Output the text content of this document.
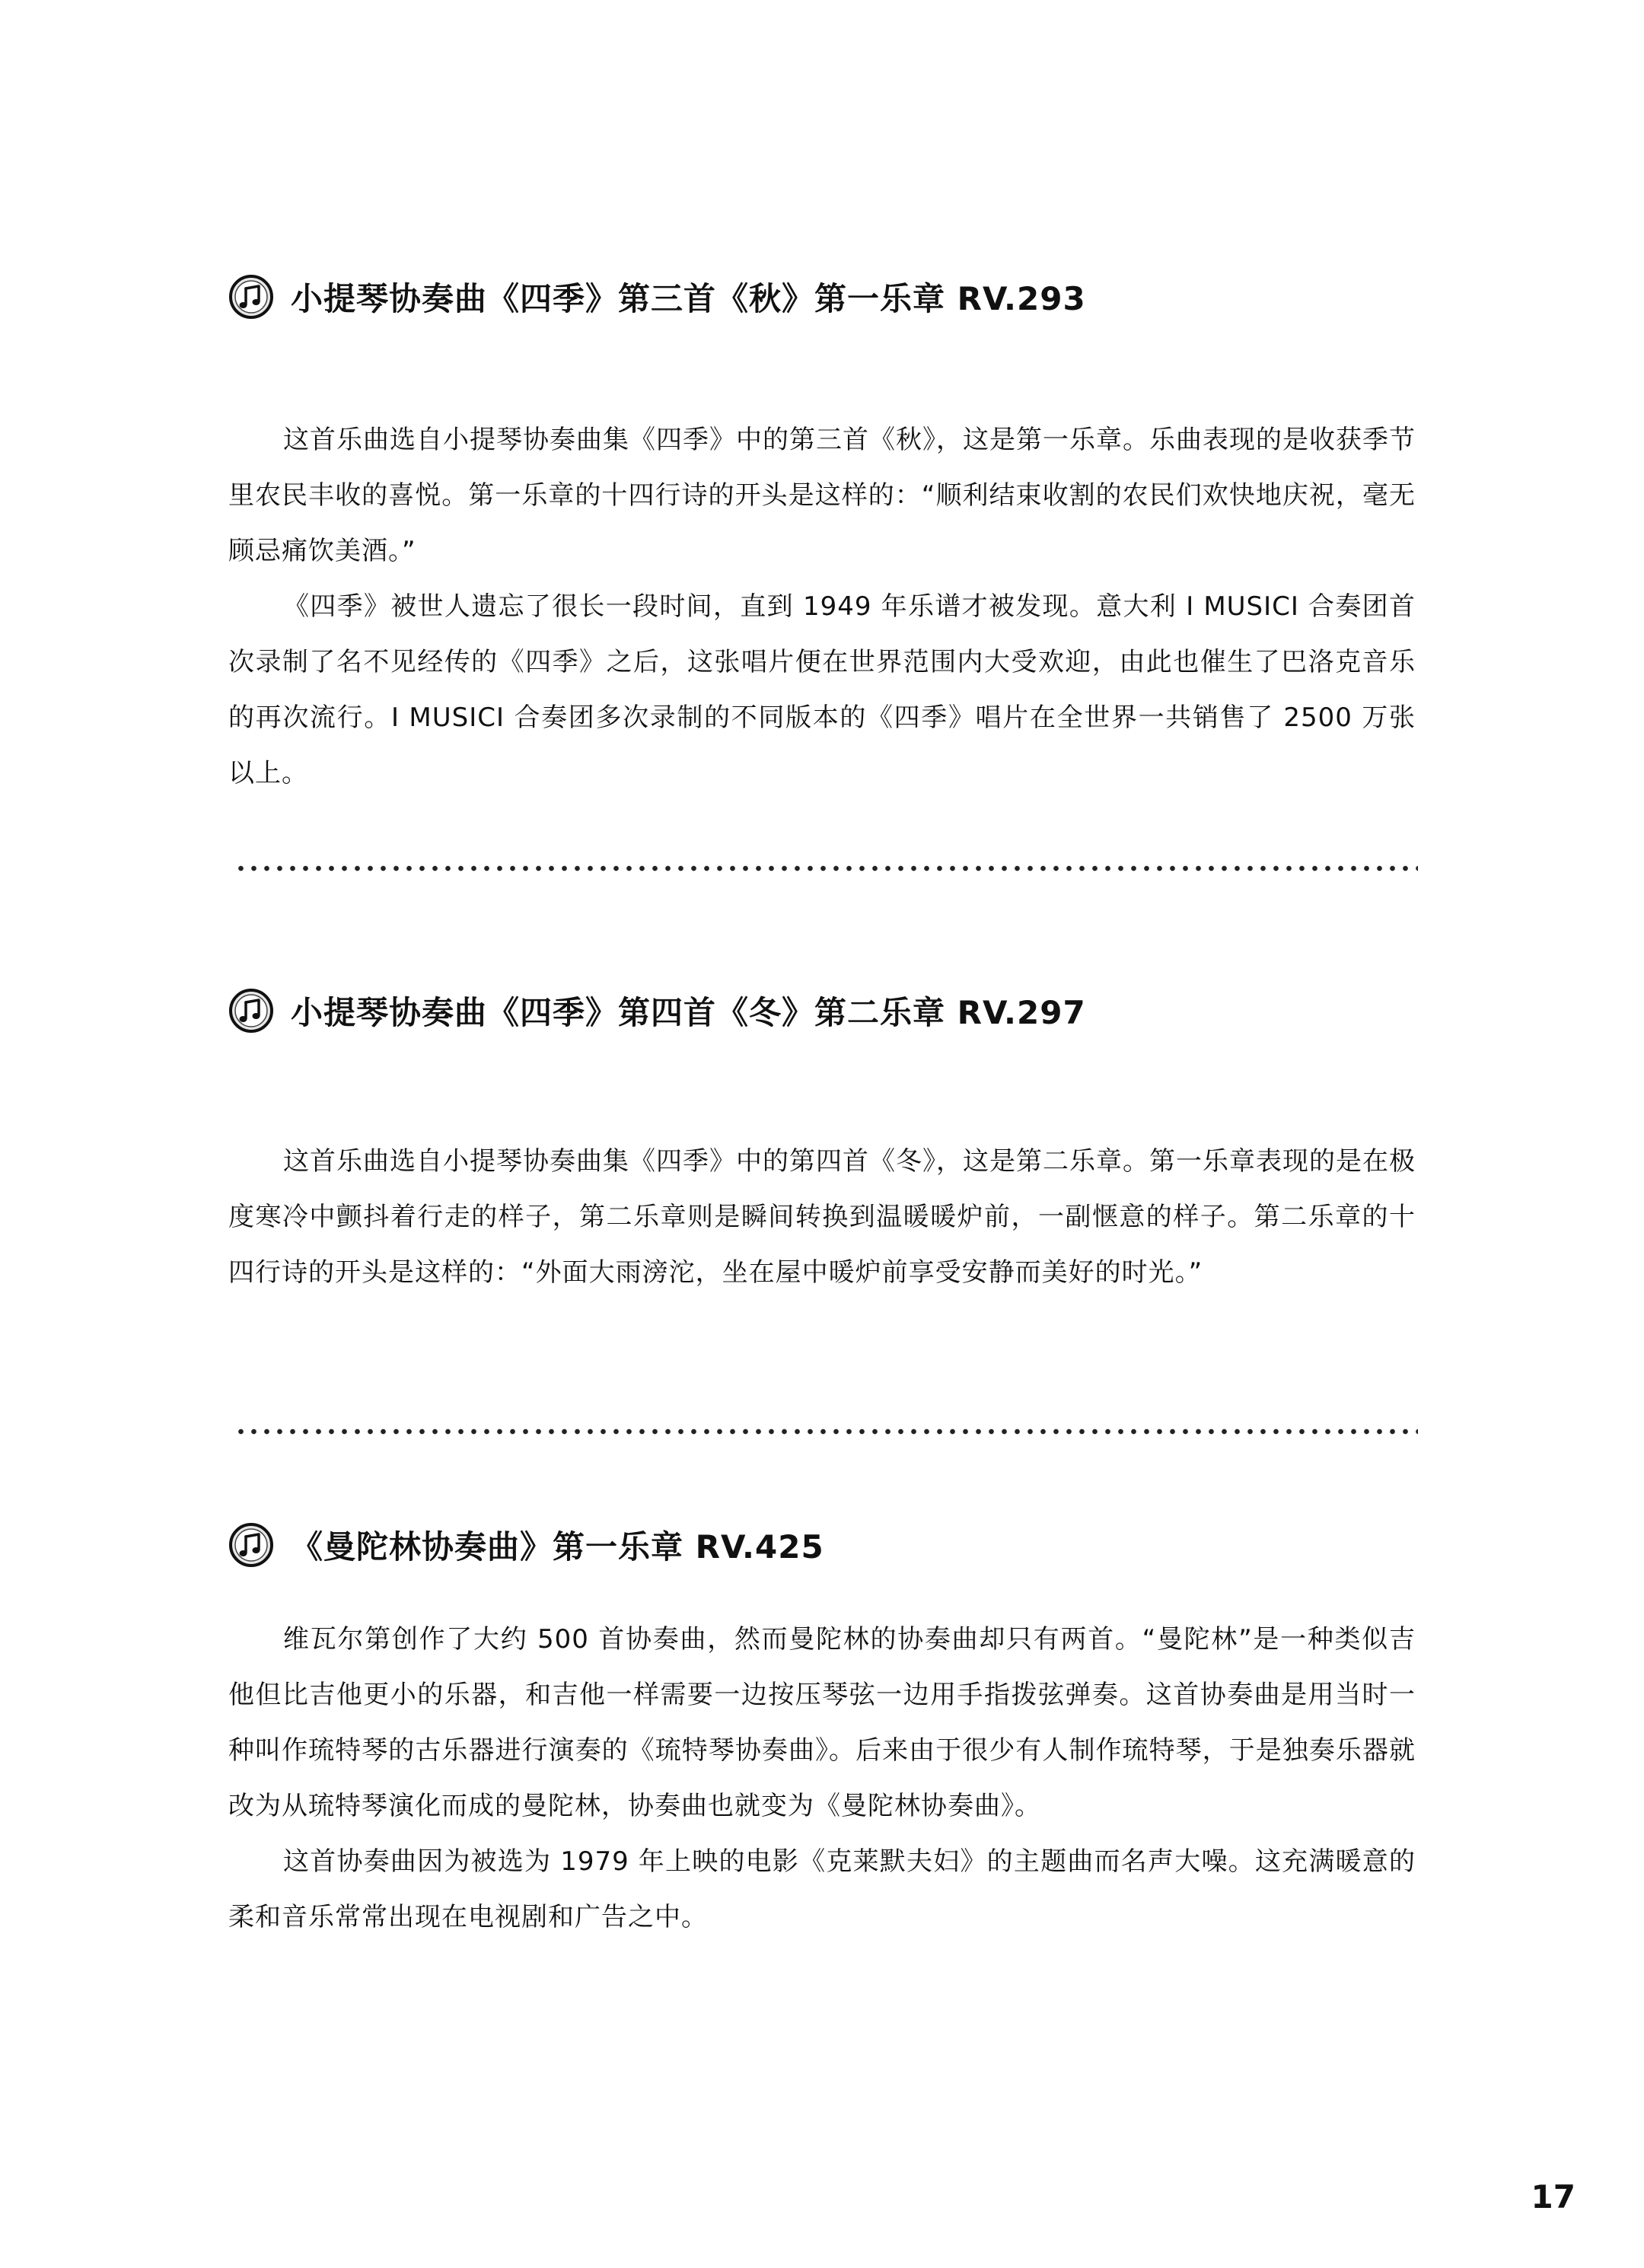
小提琴协奏曲《四季》第三首《秋》第一乐章 RV.293

这首乐曲选自小提琴协奏曲集《四季》中的第三首《秋》，这是第一乐章。乐曲表现的是收获季节里农民丰收的喜悦。第一乐章的十四行诗的开头是这样的：“顺利结束收割的农民们欢快地庆祝，毫无顾忌痛饮美酒。”

《四季》被世人遗忘了很长一段时间，直到 1949 年乐谱才被发现。意大利 I MUSICI 合奏团首次录制了名不见经传的《四季》之后，这张唱片便在世界范围内大受欢迎，由此也催生了巴洛克音乐的再次流行。I MUSICI 合奏团多次录制的不同版本的《四季》唱片在全世界一共销售了 2500 万张以上。

小提琴协奏曲《四季》第四首《冬》第二乐章 RV.297

这首乐曲选自小提琴协奏曲集《四季》中的第四首《冬》，这是第二乐章。第一乐章表现的是在极度寒冷中颤抖着行走的样子，第二乐章则是瞬间转换到温暖暖炉前，一副惬意的样子。第二乐章的十四行诗的开头是这样的：“外面大雨滂沱，坐在屋中暖炉前享受安静而美好的时光。”

《曼陀林协奏曲》第一乐章 RV.425

维瓦尔第创作了大约 500 首协奏曲，然而曼陀林的协奏曲却只有两首。“曼陀林”是一种类似吉他但比吉他更小的乐器，和吉他一样需要一边按压琴弦一边用手指拨弦弹奏。这首协奏曲是用当时一种叫作琉特琴的古乐器进行演奏的《琉特琴协奏曲》。后来由于很少有人制作琉特琴，于是独奏乐器就改为从琉特琴演化而成的曼陀林，协奏曲也就变为《曼陀林协奏曲》。

这首协奏曲因为被选为 1979 年上映的电影《克莱默夫妇》的主题曲而名声大噪。这充满暖意的柔和音乐常常出现在电视剧和广告之中。

17
